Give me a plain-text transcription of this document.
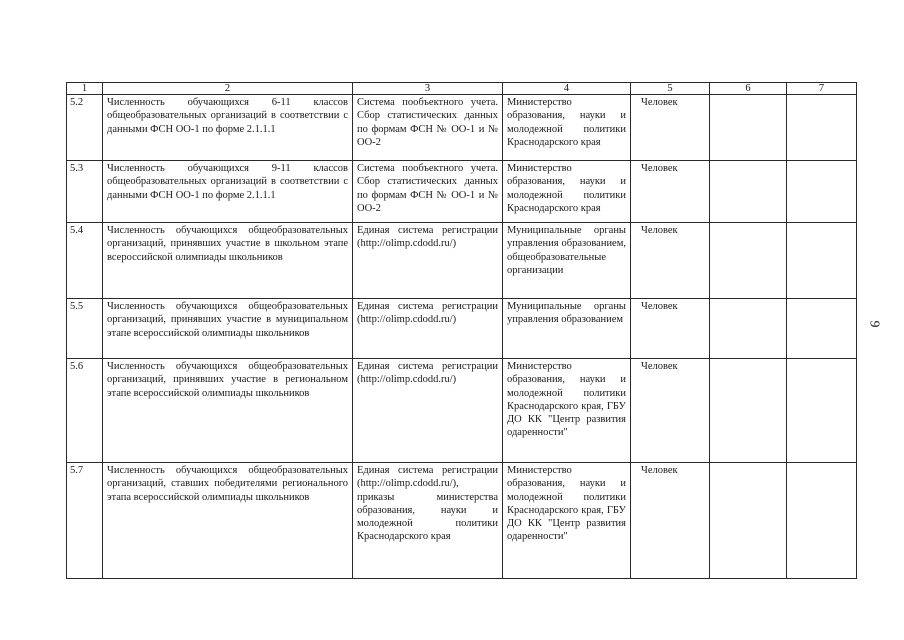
1	2	3	4	5	6	7
5.2	Численность обучающихся 6-11 классов общеобразовательных организаций в соответствии с данными ФСН ОО-1 по форме 2.1.1.1	Система пообъектного учета. Сбор статистических данных по формам ФСН № ОО-1 и № ОО-2	Министерство образования, науки и молодежной политики Краснодарского края	Человек		
5.3	Численность обучающихся 9-11 классов общеобразовательных организаций в соответствии с данными ФСН ОО-1 по форме 2.1.1.1	Система пообъектного учета. Сбор статистических данных по формам ФСН № ОО-1 и № ОО-2	Министерство образования, науки и молодежной политики Краснодарского края	Человек		
5.4	Численность обучающихся общеобразовательных организаций, принявших участие в школьном этапе всероссийской олимпиады школьников	Единая система регистрации (http://olimp.cdodd.ru/)	Муниципальные органы управления образованием, общеобразовательные организации	Человек		
5.5	Численность обучающихся общеобразовательных организаций, принявших участие в муниципальном этапе всероссийской олимпиады школьников	Единая система регистрации (http://olimp.cdodd.ru/)	Муниципальные органы управления образованием	Человек		
5.6	Численность обучающихся общеобразовательных организаций, принявших участие в региональном этапе всероссийской олимпиады школьников	Единая система регистрации (http://olimp.cdodd.ru/)	Министерство образования, науки и молодежной политики Краснодарского края, ГБУ ДО КК "Центр развития одаренности"	Человек		
5.7	Численность обучающихся общеобразовательных организаций, ставших победителями регионального этапа всероссийской олимпиады школьников	Единая система регистрации (http://olimp.cdodd.ru/), приказы министерства образования, науки и молодежной политики Краснодарского края	Министерство образования, науки и молодежной политики Краснодарского края, ГБУ ДО КК "Центр развития одаренности"	Человек		
9
